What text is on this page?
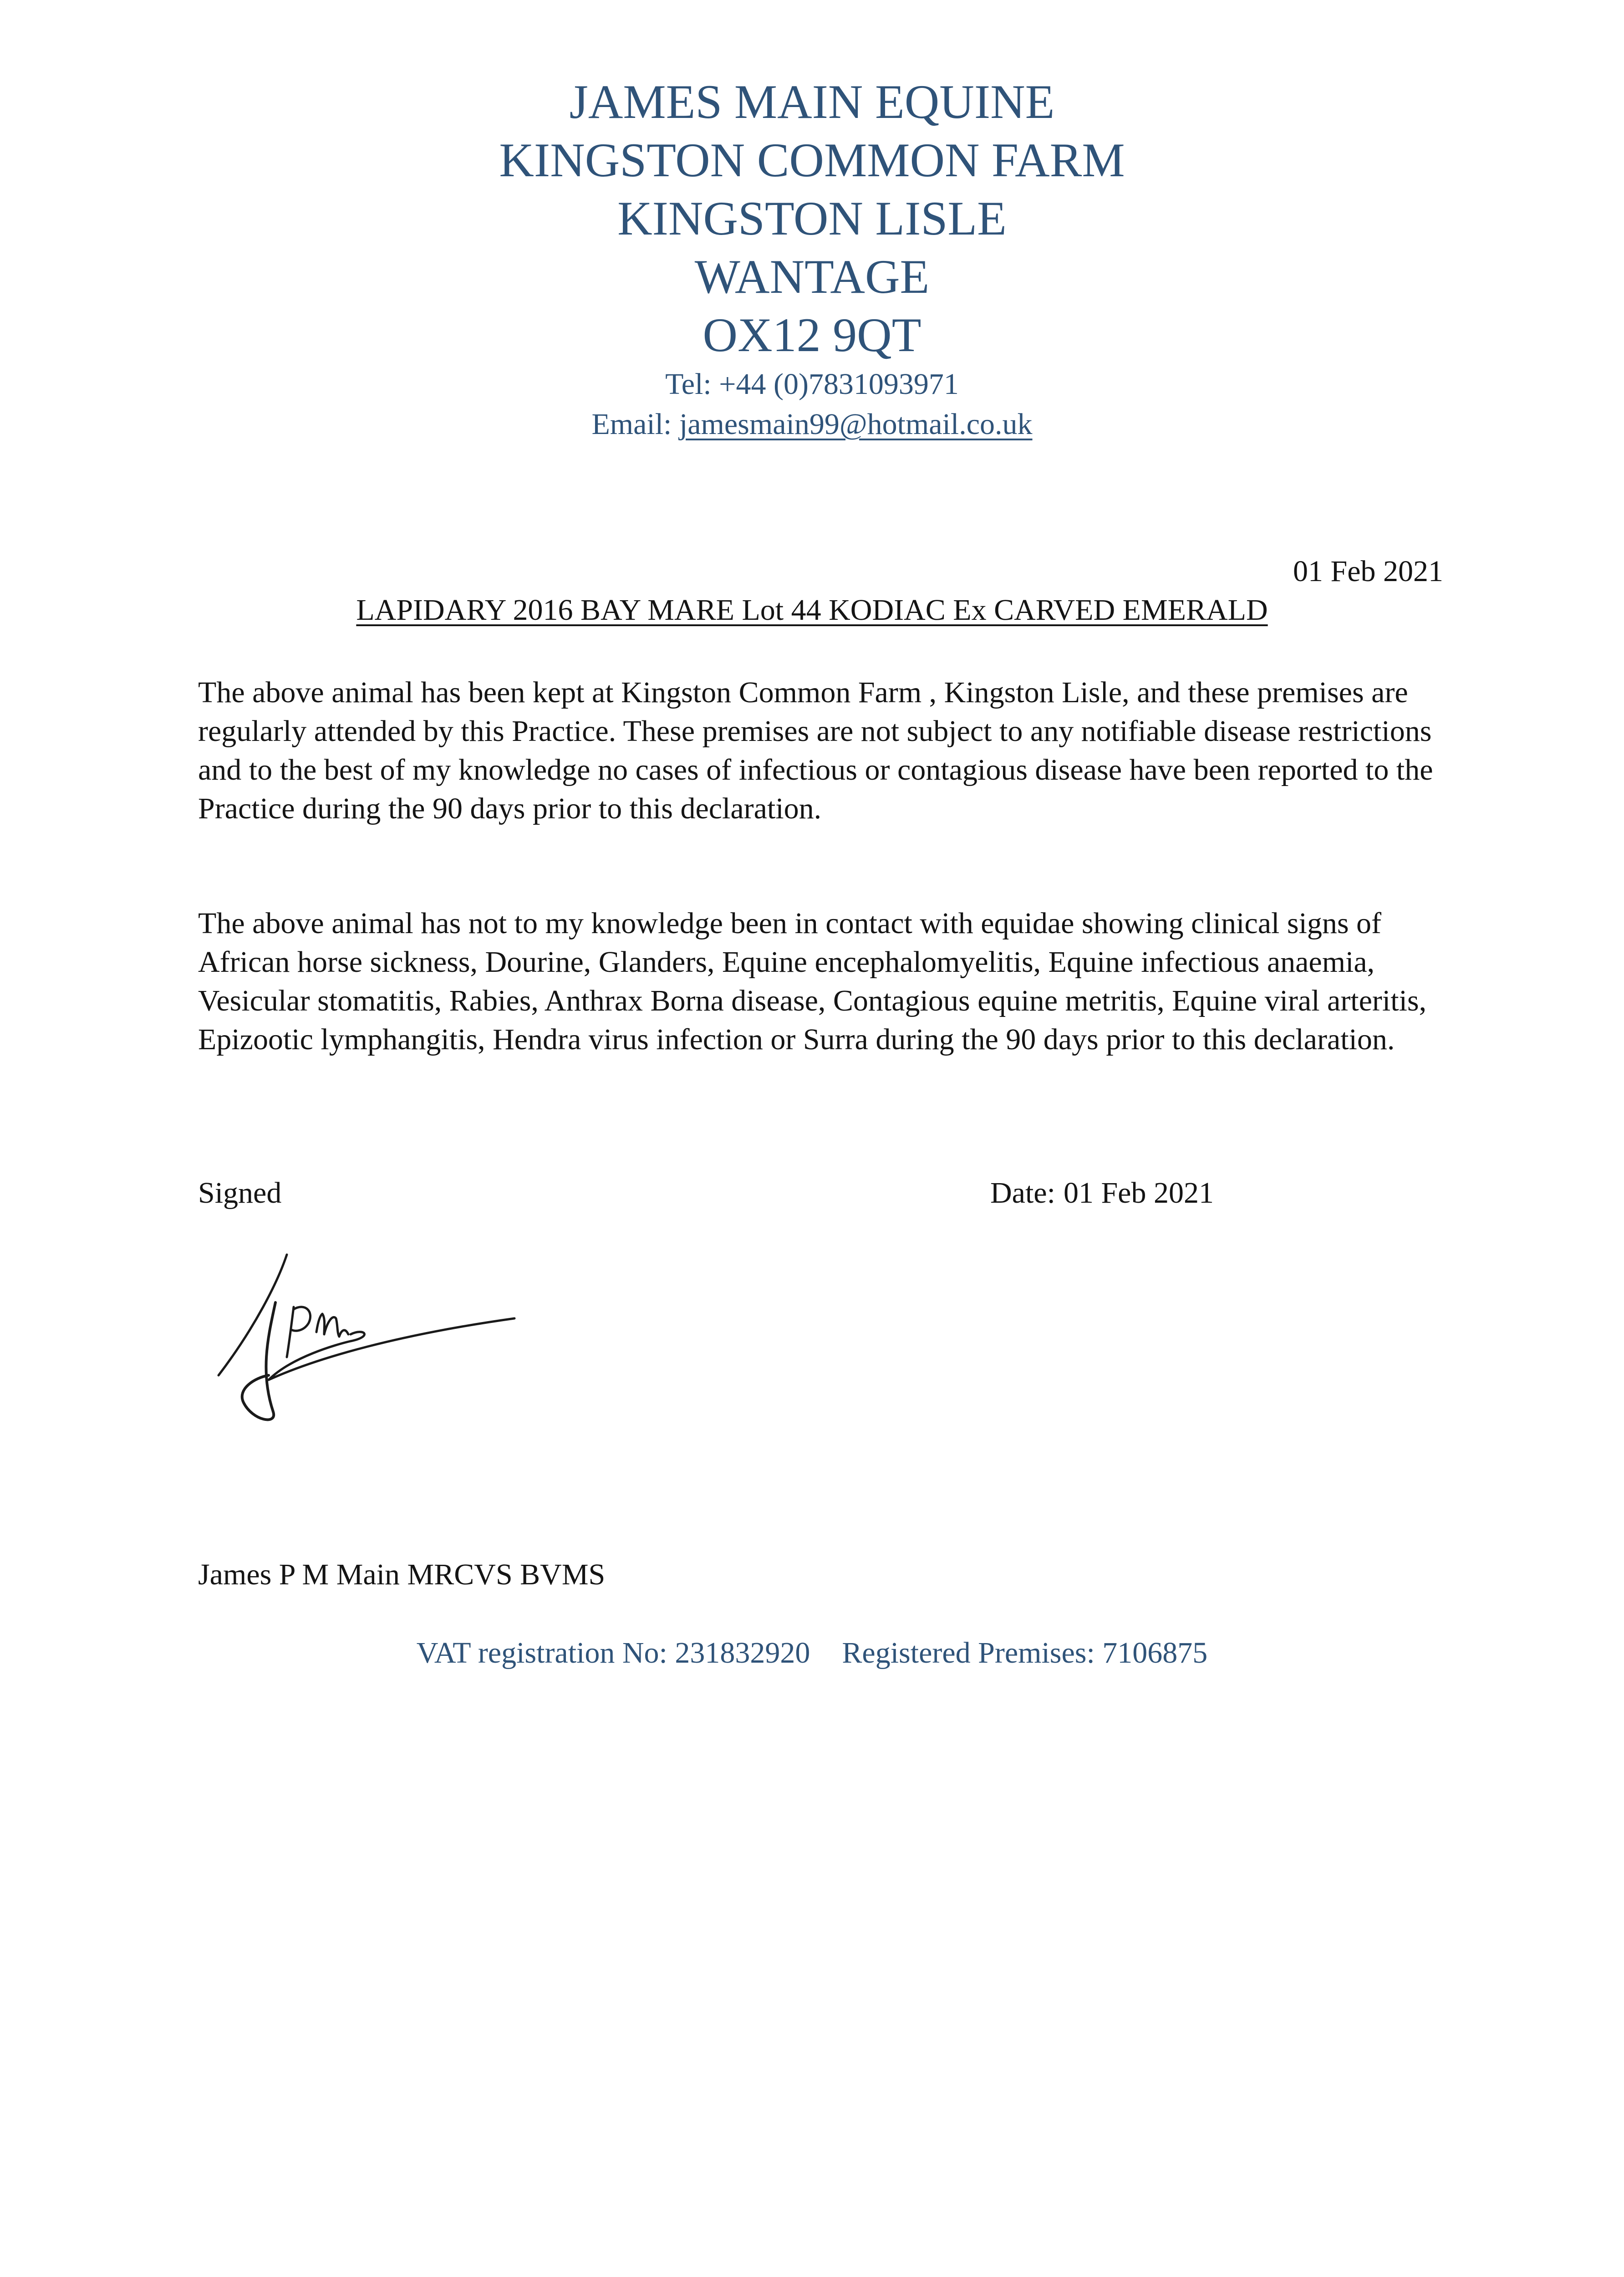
JAMES MAIN EQUINE
KINGSTON COMMON FARM
KINGSTON LISLE
WANTAGE
OX12 9QT
Tel: +44 (0)7831093971
Email: jamesmain99@hotmail.co.uk
01 Feb 2021
LAPIDARY 2016 BAY MARE Lot 44 KODIAC Ex CARVED EMERALD

The above animal has been kept at Kingston Common Farm , Kingston Lisle, and these premises are regularly attended by this Practice. These premises are not subject to any notifiable disease restrictions and to the best of my knowledge no cases of infectious or contagious disease have been reported to the Practice during the 90 days prior to this declaration.

The above animal has not to my knowledge been in contact with equidae showing clinical signs of African horse sickness, Dourine, Glanders, Equine encephalomyelitis, Equine infectious anaemia, Vesicular stomatitis, Rabies, Anthrax Borna disease, Contagious equine metritis, Equine viral arteritis, Epizootic lymphangitis, Hendra virus infection or Surra during the 90 days prior to this declaration.

Signed	Date: 01 Feb 2021
James P M Main MRCVS BVMS
VAT registration No: 231832920 Registered Premises: 7106875
